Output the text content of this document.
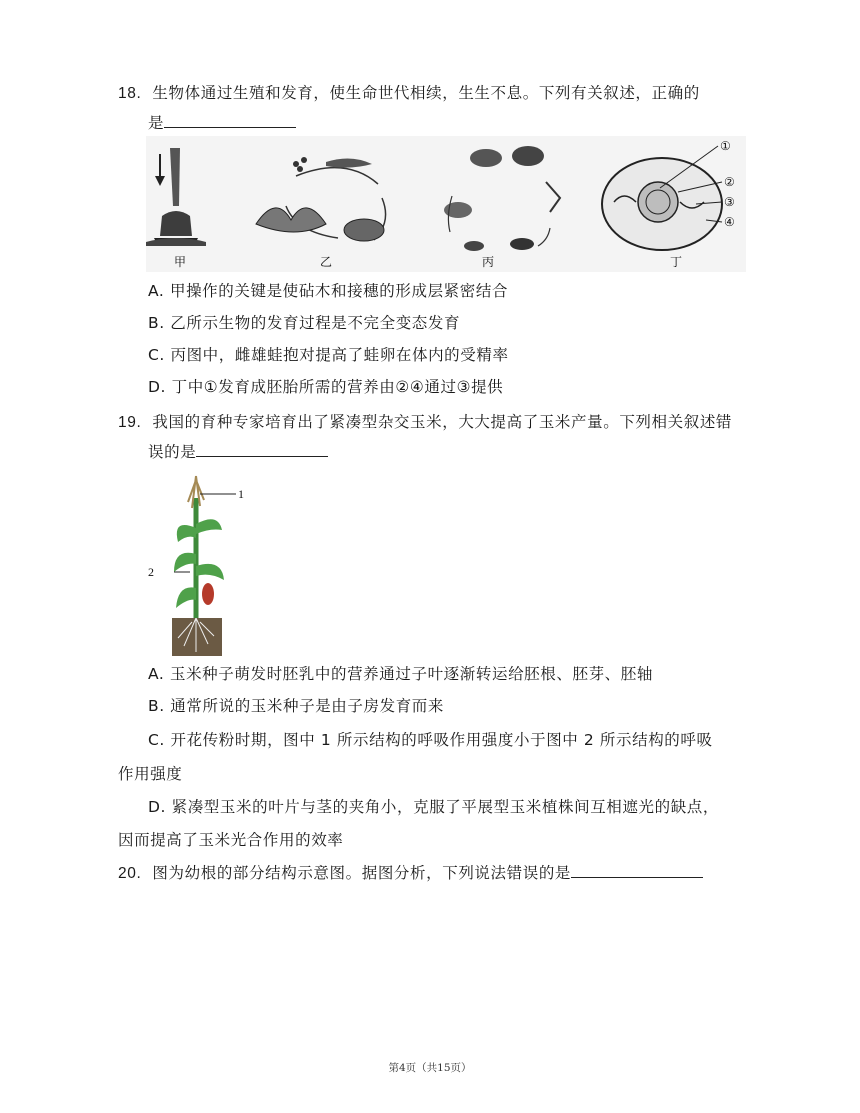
18. 生物体通过生殖和发育，使生命世代相续，生生不息。下列有关叙述，正确的
是
甲	乙	丙
①
②
③
④
丁
A. 甲操作的关键是使砧木和接穗的形成层紧密结合
B. 乙所示生物的发育过程是不完全变态发育
C. 丙图中，雌雄蛙抱对提高了蛙卵在体内的受精率
D. 丁中①发育成胚胎所需的营养由②④通过③提供
19. 我国的育种专家培育出了紧凑型杂交玉米，大大提高了玉米产量。下列相关叙述错
误的是
1
2
A. 玉米种子萌发时胚乳中的营养通过子叶逐渐转运给胚根、胚芽、胚轴
B. 通常所说的玉米种子是由子房发育而来
C. 开花传粉时期，图中 1 所示结构的呼吸作用强度小于图中 2 所示结构的呼吸
作用强度
D. 紧凑型玉米的叶片与茎的夹角小，克服了平展型玉米植株间互相遮光的缺点，
因而提高了玉米光合作用的效率
20. 图为幼根的部分结构示意图。据图分析，下列说法错误的是
第4页（共15页）
